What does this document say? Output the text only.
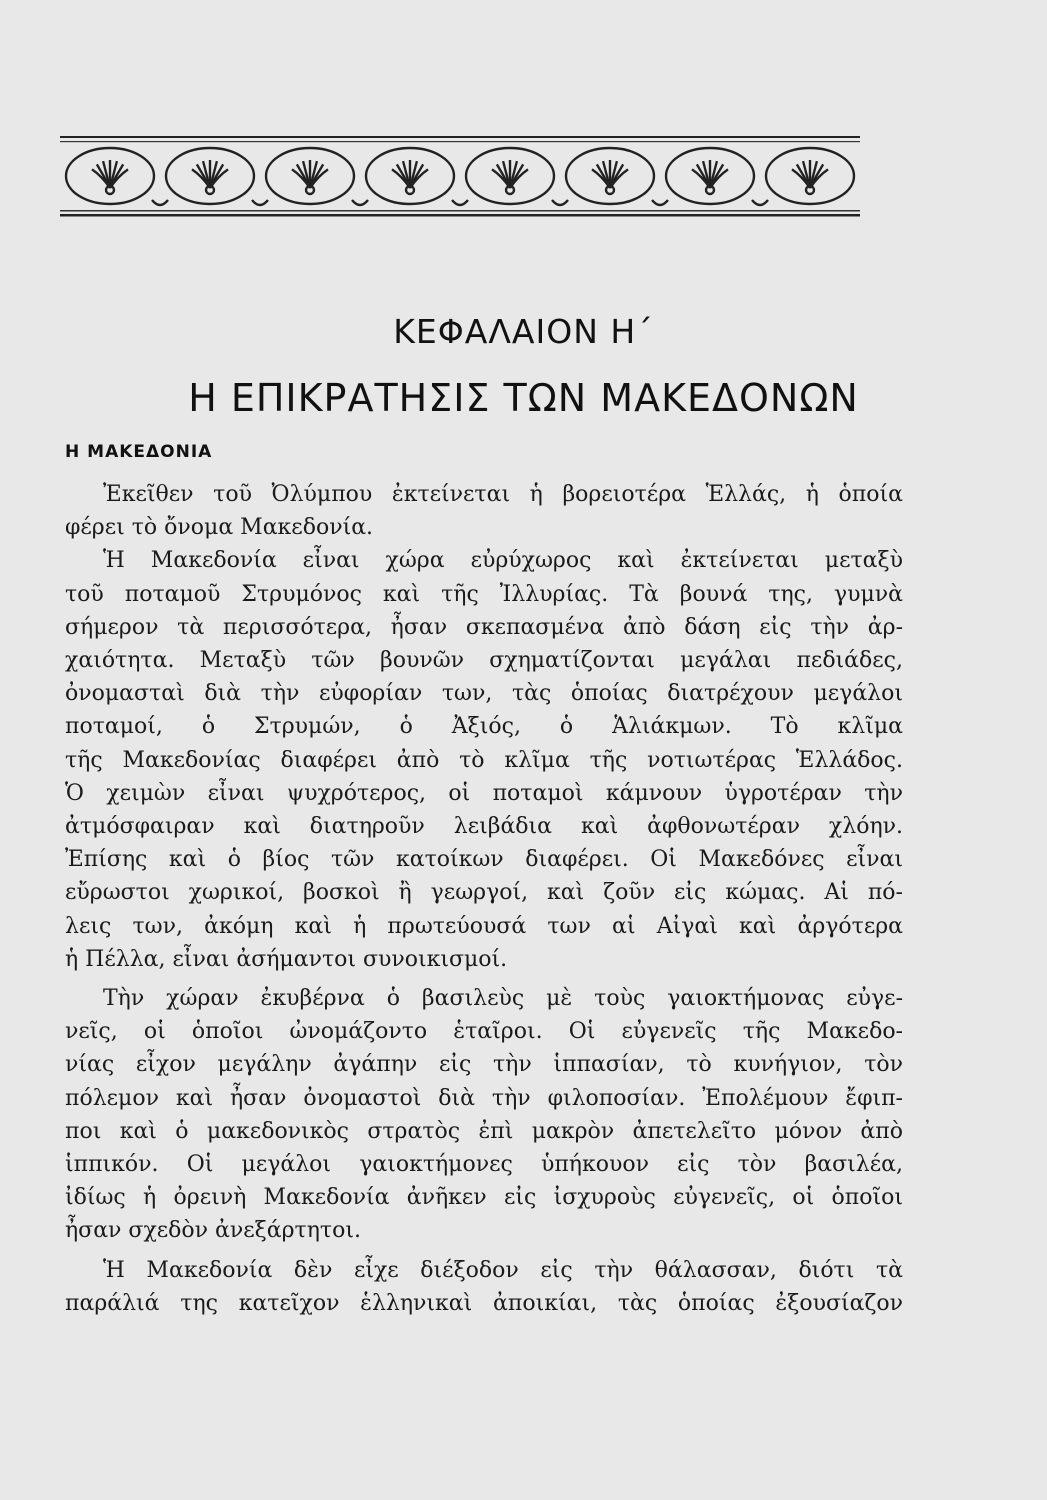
ΚΕΦΑΛΑΙΟΝ Η΄
Η ΕΠΙΚΡΑΤΗΣΙΣ ΤΩΝ ΜΑΚΕΔΟΝΩΝ
Η ΜΑΚΕΔΟΝΙΑ

Ἐκεῖθεν τοῦ Ὀλύμπου ἐκτείνεται ἡ βορειοτέρα Ἑλλάς, ἡ ὁποία
φέρει τὸ ὄνομα Μακεδονία.

Ἡ Μακεδονία εἶναι χώρα εὐρύχωρος καὶ ἐκτείνεται μεταξὺ
τοῦ ποταμοῦ Στρυμόνος καὶ τῆς Ἰλλυρίας. Τὰ βουνά της, γυμνὰ
σήμερον τὰ περισσότερα, ἦσαν σκεπασμένα ἀπὸ δάση εἰς τὴν ἀρ-
χαιότητα. Μεταξὺ τῶν βουνῶν σχηματίζονται μεγάλαι πεδιάδες,
ὀνομασταὶ διὰ τὴν εὐφορίαν των, τὰς ὁποίας διατρέχουν μεγάλοι
ποταμοί, ὁ Στρυμών, ὁ Ἀξιός, ὁ Ἁλιάκμων. Τὸ κλῖμα
τῆς Μακεδονίας διαφέρει ἀπὸ τὸ κλῖμα τῆς νοτιωτέρας Ἑλλάδος.
Ὁ χειμὼν εἶναι ψυχρότερος, οἱ ποταμοὶ κάμνουν ὑγροτέραν τὴν
ἀτμόσφαιραν καὶ διατηροῦν λειβάδια καὶ ἀφθονωτέραν χλόην.
Ἐπίσης καὶ ὁ βίος τῶν κατοίκων διαφέρει. Οἱ Μακεδόνες εἶναι
εὔρωστοι χωρικοί, βοσκοὶ ἢ γεωργοί, καὶ ζοῦν εἰς κώμας. Αἱ πό-
λεις των, ἀκόμη καὶ ἡ πρωτεύουσά των αἱ Αἰγαὶ καὶ ἀργότερα
ἡ Πέλλα, εἶναι ἀσήμαντοι συνοικισμοί.

Τὴν χώραν ἐκυβέρνα ὁ βασιλεὺς μὲ τοὺς γαιοκτήμονας εὐγε-
νεῖς, οἱ ὁποῖοι ὠνομάζοντο ἑταῖροι. Οἱ εὐγενεῖς τῆς Μακεδο-
νίας εἶχον μεγάλην ἀγάπην εἰς τὴν ἱππασίαν, τὸ κυνήγιον, τὸν
πόλεμον καὶ ἦσαν ὀνομαστοὶ διὰ τὴν φιλοποσίαν. Ἐπολέμουν ἔφιπ-
ποι καὶ ὁ μακεδονικὸς στρατὸς ἐπὶ μακρὸν ἀπετελεῖτο μόνον ἀπὸ
ἱππικόν. Οἱ μεγάλοι γαιοκτήμονες ὑπήκουον εἰς τὸν βασιλέα,
ἰδίως ἡ ὀρεινὴ Μακεδονία ἀνῆκεν εἰς ἰσχυροὺς εὐγενεῖς, οἱ ὁποῖοι
ἦσαν σχεδὸν ἀνεξάρτητοι.

Ἡ Μακεδονία δὲν εἶχε διέξοδον εἰς τὴν θάλασσαν, διότι τὰ
παράλιά της κατεῖχον ἑλληνικαὶ ἀποικίαι, τὰς ὁποίας ἐξουσίαζον
